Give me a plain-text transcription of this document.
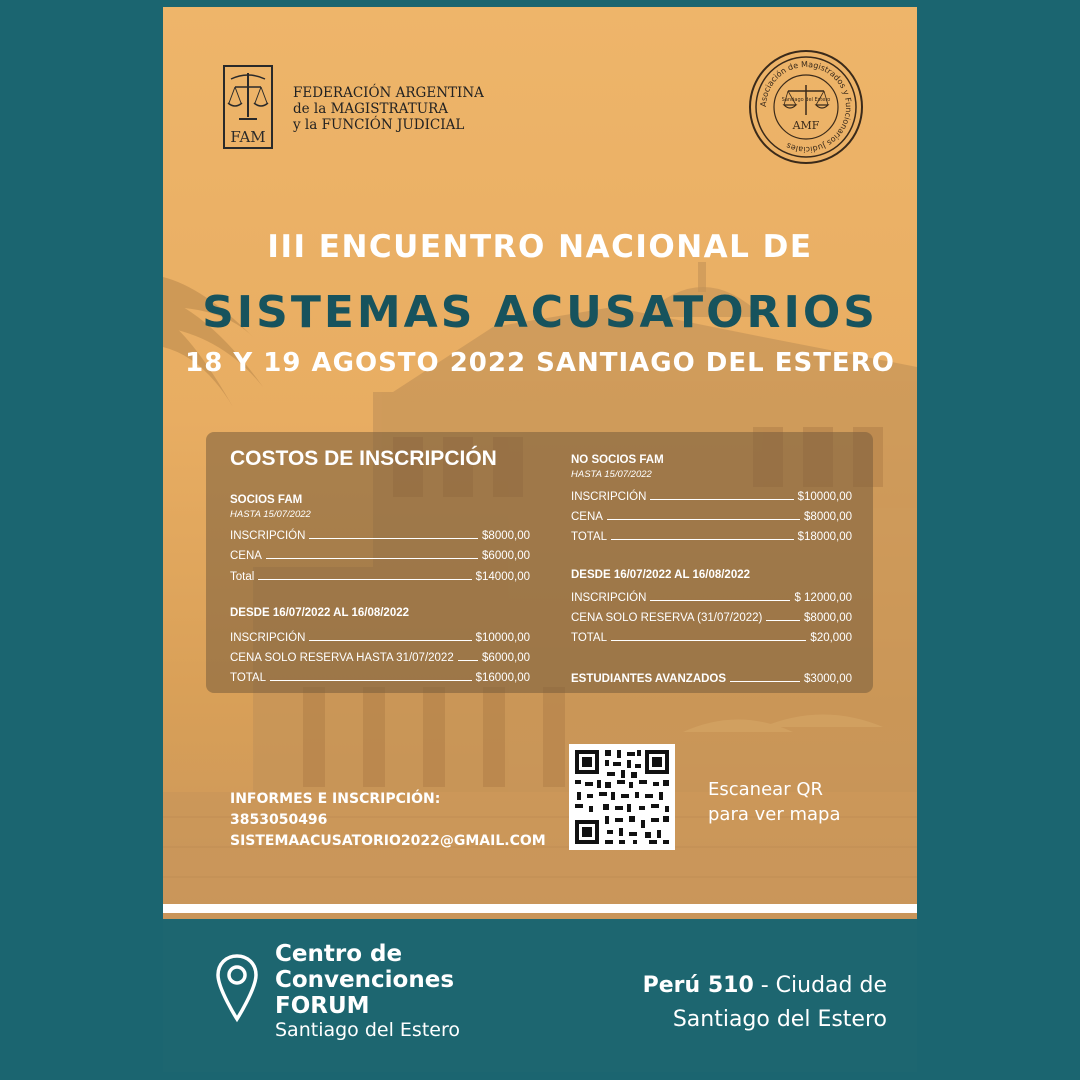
FAM
FEDERACIÓN ARGENTINA
de la MAGISTRATURA
y la FUNCIÓN JUDICIAL
Asociación de Magistrados y Funcionarios Judiciales
Santiago del Estero
AMF
III ENCUENTRO NACIONAL DE
SISTEMAS ACUSATORIOS
18 Y 19 AGOSTO 2022 SANTIAGO DEL ESTERO
COSTOS DE INSCRIPCIÓN
SOCIOS FAM
HASTA 15/07/2022
INSCRIPCIÓN	$8000,00
CENA	$6000,00
Total	$14000,00
DESDE 16/07/2022 AL 16/08/2022
INSCRIPCIÓN	$10000,00
CENA SOLO RESERVA HASTA 31/07/2022 $6000,00
TOTAL	$16000,00
NO SOCIOS FAM
HASTA 15/07/2022
INSCRIPCIÓN	$10000,00
CENA	$8000,00
TOTAL	$18000,00
DESDE 16/07/2022 AL 16/08/2022
INSCRIPCIÓN	$ 12000,00
CENA SOLO RESERVA (31/07/2022)	$8000,00
TOTAL	$20,000
ESTUDIANTES AVANZADOS	$3000,00
INFORMES E INSCRIPCIÓN:
3853050496
SISTEMAACUSATORIO2022@GMAIL.COM
Escanear QR
para ver mapa
Centro de
Convenciones
FORUM
Santiago del Estero
Perú 510 - Ciudad de
Santiago del Estero
